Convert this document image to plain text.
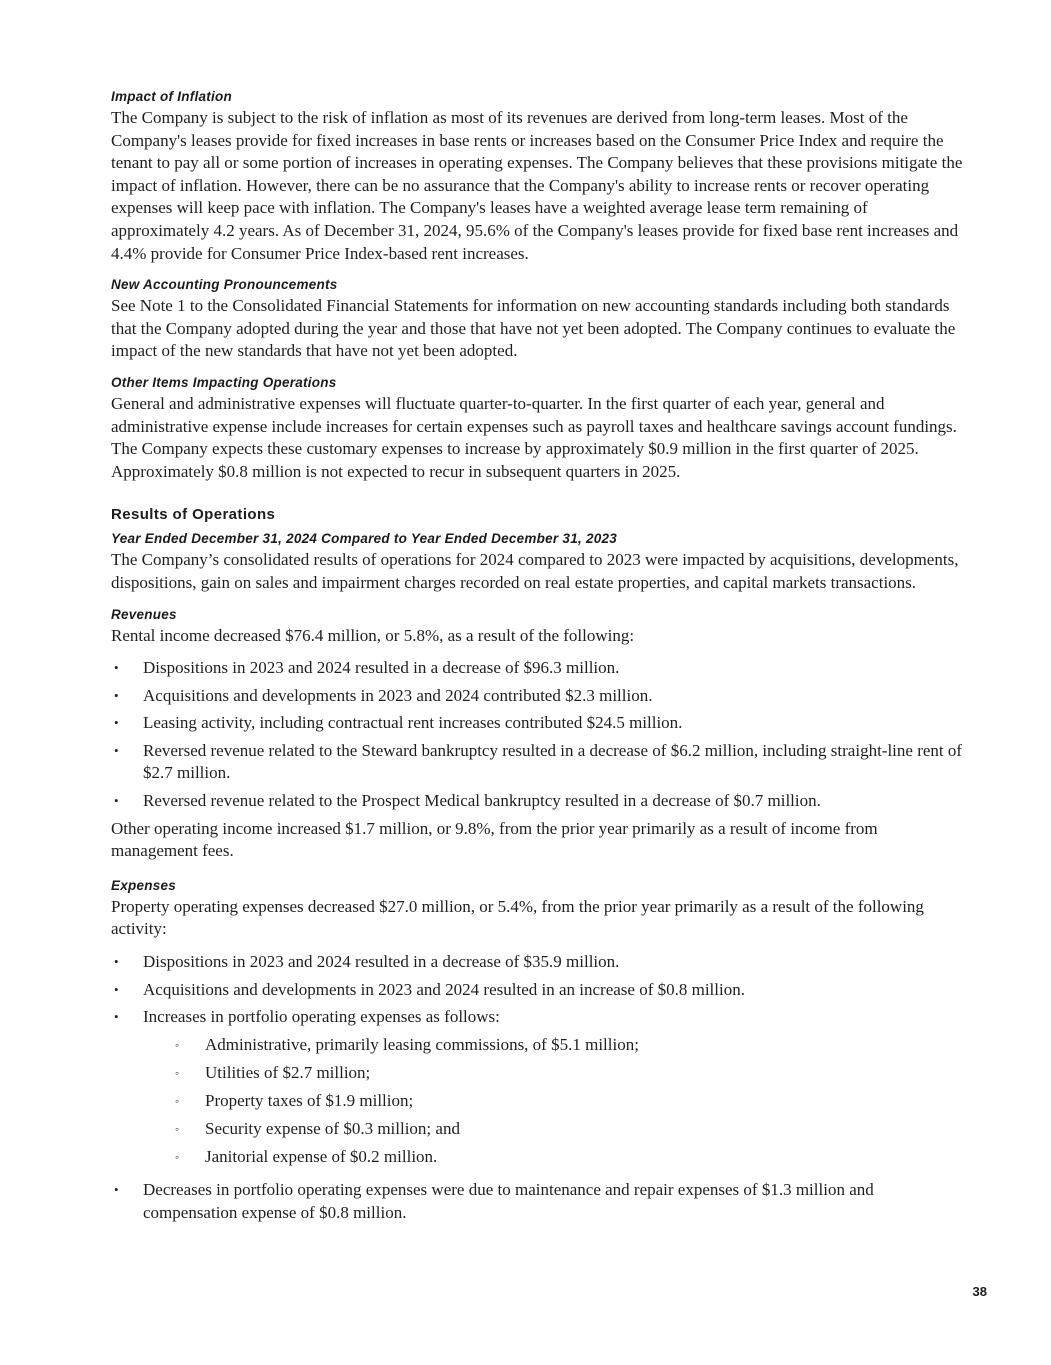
Impact of Inflation

The Company is subject to the risk of inflation as most of its revenues are derived from long-term leases. Most of the Company's leases provide for fixed increases in base rents or increases based on the Consumer Price Index and require the tenant to pay all or some portion of increases in operating expenses. The Company believes that these provisions mitigate the impact of inflation. However, there can be no assurance that the Company's ability to increase rents or recover operating expenses will keep pace with inflation. The Company's leases have a weighted average lease term remaining of approximately 4.2 years. As of December 31, 2024, 95.6% of the Company's leases provide for fixed base rent increases and 4.4% provide for Consumer Price Index-based rent increases.

New Accounting Pronouncements

See Note 1 to the Consolidated Financial Statements for information on new accounting standards including both standards that the Company adopted during the year and those that have not yet been adopted. The Company continues to evaluate the impact of the new standards that have not yet been adopted.

Other Items Impacting Operations

General and administrative expenses will fluctuate quarter-to-quarter. In the first quarter of each year, general and administrative expense include increases for certain expenses such as payroll taxes and healthcare savings account fundings. The Company expects these customary expenses to increase by approximately $0.9 million in the first quarter of 2025. Approximately $0.8 million is not expected to recur in subsequent quarters in 2025.

Results of Operations
Year Ended December 31, 2024 Compared to Year Ended December 31, 2023

The Company’s consolidated results of operations for 2024 compared to 2023 were impacted by acquisitions, developments, dispositions, gain on sales and impairment charges recorded on real estate properties, and capital markets transactions.

Revenues

Rental income decreased $76.4 million, or 5.8%, as a result of the following:

•	Dispositions in 2023 and 2024 resulted in a decrease of $96.3 million.
•	Acquisitions and developments in 2023 and 2024 contributed $2.3 million.
•	Leasing activity, including contractual rent increases contributed $24.5 million.
•	Reversed revenue related to the Steward bankruptcy resulted in a decrease of $6.2 million, including straight-line rent of $2.7 million.
•	Reversed revenue related to the Prospect Medical bankruptcy resulted in a decrease of $0.7 million.

Other operating income increased $1.7 million, or 9.8%, from the prior year primarily as a result of income from management fees.

Expenses

Property operating expenses decreased $27.0 million, or 5.4%, from the prior year primarily as a result of the following activity:

•	Dispositions in 2023 and 2024 resulted in a decrease of $35.9 million.
•	Acquisitions and developments in 2023 and 2024 resulted in an increase of $0.8 million.
•	Increases in portfolio operating expenses as follows:
◦	Administrative, primarily leasing commissions, of $5.1 million;
◦	Utilities of $2.7 million;
◦	Property taxes of $1.9 million;
◦	Security expense of $0.3 million; and
◦	Janitorial expense of $0.2 million.
•	Decreases in portfolio operating expenses were due to maintenance and repair expenses of $1.3 million and compensation expense of $0.8 million.
38
